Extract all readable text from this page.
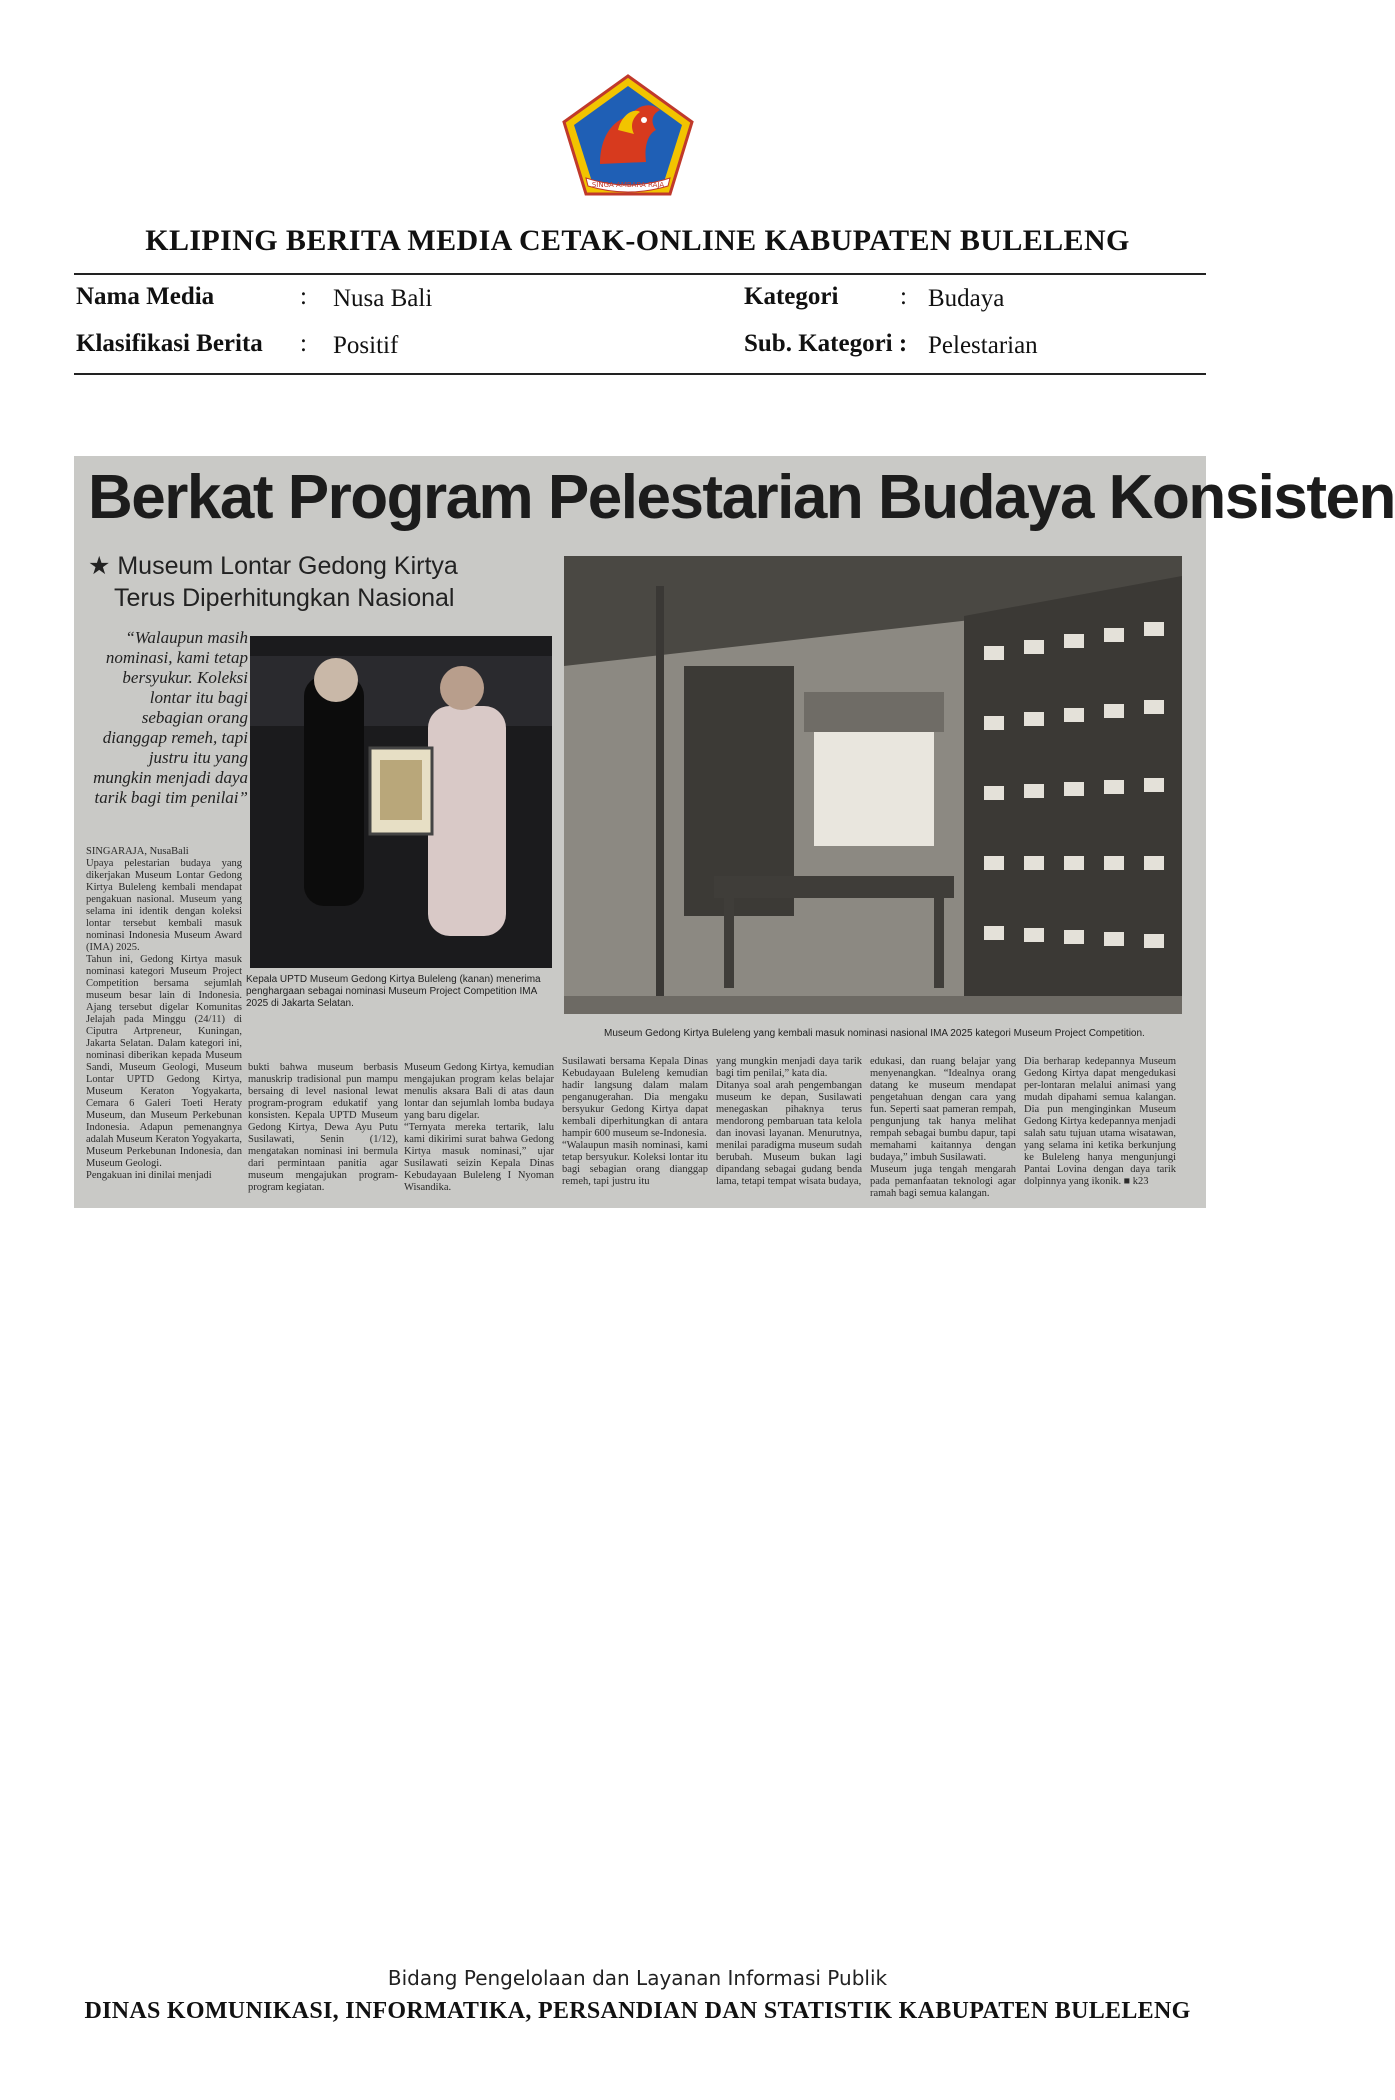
SINGA AMBARA RAJA
KLIPING BERITA MEDIA CETAK-ONLINE KABUPATEN BULELENG
Nama Media	: Nusa Bali
Klasifikasi Berita : Positif
Kategori : Budaya
Sub. Kategori : Pelestarian
Berkat Program Pelestarian Budaya Konsisten
★ Museum Lontar Gedong Kirtya
Terus Diperhitungkan Nasional
“Walaupun masih nominasi, kami tetap bersyukur. Koleksi lontar itu bagi sebagian orang dianggap remeh, tapi justru itu yang mungkin menjadi daya tarik bagi tim penilai”
Kepala UPTD Museum Gedong Kirtya Buleleng (kanan) menerima penghargaan sebagai nominasi Museum Project Competition IMA 2025 di Jakarta Selatan.
Museum Gedong Kirtya Buleleng yang kembali masuk nominasi nasional IMA 2025 kategori Museum Project Competition.
SINGARAJA, NusaBali
Upaya pelestarian budaya yang dikerjakan Museum Lontar Gedong Kirtya Buleleng kembali mendapat pengakuan nasional. Museum yang selama ini identik dengan koleksi lontar tersebut kembali masuk nominasi Indonesia Museum Award (IMA) 2025.
Tahun ini, Gedong Kirtya masuk nominasi kategori Museum Project Competition bersama sejumlah museum besar lain di Indonesia. Ajang tersebut digelar Komunitas Jelajah pada Minggu (24/11) di Ciputra Artpreneur, Kuningan, Jakarta Selatan. Dalam kategori ini, nominasi diberikan kepada Museum Sandi, Museum Geologi, Museum Lontar UPTD Gedong Kirtya, Museum Keraton Yogyakarta, Cemara 6 Galeri Toeti Heraty Museum, dan Museum Perkebunan Indonesia. Adapun pemenangnya adalah Museum Keraton Yogyakarta, Museum Perkebunan Indonesia, dan Museum Geologi.
Pengakuan ini dinilai menjadi
bukti bahwa museum berbasis manuskrip tradisional pun mampu bersaing di level nasional lewat program-program edukatif yang konsisten. Kepala UPTD Museum Gedong Kirtya, Dewa Ayu Putu Susilawati, Senin (1/12), mengatakan nominasi ini bermula dari permintaan panitia agar museum mengajukan program-program kegiatan.
Museum Gedong Kirtya, kemudian mengajukan program kelas belajar menulis aksara Bali di atas daun lontar dan sejumlah lomba budaya yang baru digelar.
“Ternyata mereka tertarik, lalu kami dikirimi surat bahwa Gedong Kirtya masuk nominasi,” ujar Susilawati seizin Kepala Dinas Kebudayaan Buleleng I Nyoman Wisandika.
Susilawati bersama Kepala Dinas Kebudayaan Buleleng kemudian hadir langsung dalam malam penganugerahan. Dia mengaku bersyukur Gedong Kirtya dapat kembali diperhitungkan di antara hampir 600 museum se-Indonesia.
“Walaupun masih nominasi, kami tetap bersyukur. Koleksi lontar itu bagi sebagian orang dianggap remeh, tapi justru itu
yang mungkin menjadi daya tarik bagi tim penilai,” kata dia.
Ditanya soal arah pengembangan museum ke depan, Susilawati menegaskan pihaknya terus mendorong pembaruan tata kelola dan inovasi layanan. Menurutnya, menilai paradigma museum sudah berubah. Museum bukan lagi dipandang sebagai gudang benda lama, tetapi tempat wisata budaya,
edukasi, dan ruang belajar yang menyenangkan. “Idealnya orang datang ke museum mendapat pengetahuan dengan cara yang fun. Seperti saat pameran rempah, pengunjung tak hanya melihat rempah sebagai bumbu dapur, tapi memahami kaitannya dengan budaya,” imbuh Susilawati.
Museum juga tengah mengarah pada pemanfaatan teknologi agar ramah bagi semua kalangan.
Dia berharap kedepannya Museum Gedong Kirtya dapat mengedukasi per-lontaran melalui animasi yang mudah dipahami semua kalangan. Dia pun menginginkan Museum Gedong Kirtya kedepannya menjadi salah satu tujuan utama wisatawan, yang selama ini ketika berkunjung ke Buleleng hanya mengunjungi Pantai Lovina dengan daya tarik dolpinnya yang ikonik. ■ k23
Bidang Pengelolaan dan Layanan Informasi Publik
DINAS KOMUNIKASI, INFORMATIKA, PERSANDIAN DAN STATISTIK KABUPATEN BULELENG
